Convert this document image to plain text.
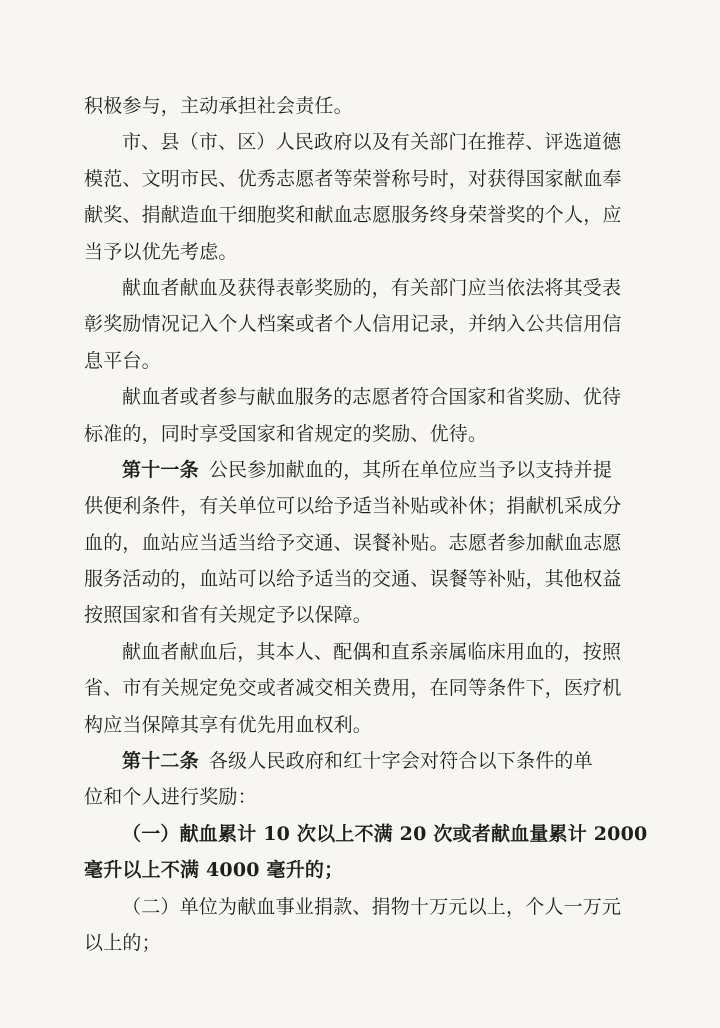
积极参与，主动承担社会责任。
市、县（市、区）人民政府以及有关部门在推荐、评选道德
模范、文明市民、优秀志愿者等荣誉称号时，对获得国家献血奉
献奖、捐献造血干细胞奖和献血志愿服务终身荣誉奖的个人，应
当予以优先考虑。
献血者献血及获得表彰奖励的，有关部门应当依法将其受表
彰奖励情况记入个人档案或者个人信用记录，并纳入公共信用信
息平台。
献血者或者参与献血服务的志愿者符合国家和省奖励、优待
标准的，同时享受国家和省规定的奖励、优待。
第十一条 公民参加献血的，其所在单位应当予以支持并提
供便利条件，有关单位可以给予适当补贴或补休；捐献机采成分
血的，血站应当适当给予交通、误餐补贴。志愿者参加献血志愿
服务活动的，血站可以给予适当的交通、误餐等补贴，其他权益
按照国家和省有关规定予以保障。
献血者献血后，其本人、配偶和直系亲属临床用血的，按照
省、市有关规定免交或者减交相关费用，在同等条件下，医疗机
构应当保障其享有优先用血权利。
第十二条 各级人民政府和红十字会对符合以下条件的单
位和个人进行奖励：
（一）献血累计 10 次以上不满 20 次或者献血量累计 2000
毫升以上不满 4000 毫升的；
（二）单位为献血事业捐款、捐物十万元以上，个人一万元
以上的；
